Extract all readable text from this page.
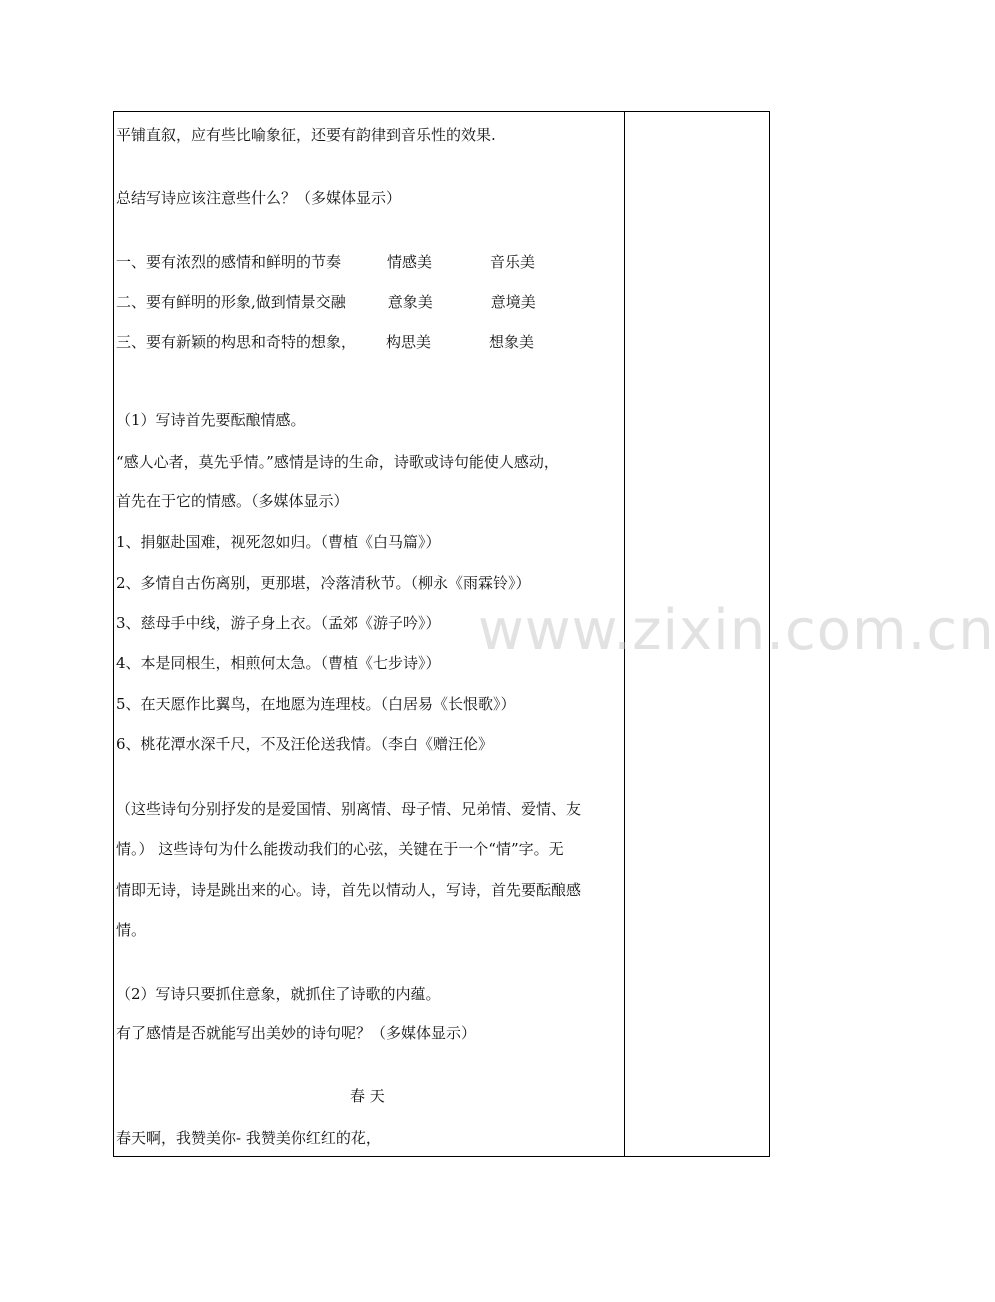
平铺直叙，应有些比喻象征，还要有韵律到音乐性的效果.
总结写诗应该注意些什么？（多媒体显示）
一、要有浓烈的感情和鲜明的节奏	情感美	音乐美
二、要有鲜明的形象,做到情景交融	意象美	意境美
三、要有新颖的构思和奇特的想象， 构思美	想象美
（1）写诗首先要酝酿情感。
“感人心者，莫先乎情。”感情是诗的生命，诗歌或诗句能使人感动，
首先在于它的情感。（多媒体显示）
1、捐躯赴国难，视死忽如归。（曹植《白马篇》）
2、多情自古伤离别，更那堪，冷落清秋节。（柳永《雨霖铃》）
3、慈母手中线，游子身上衣。（孟郊《游子吟》）
4、本是同根生，相煎何太急。（曹植《七步诗》）
5、在天愿作比翼鸟，在地愿为连理枝。（白居易《长恨歌》）
6、桃花潭水深千尺，不及汪伦送我情。（李白《赠汪伦》
（这些诗句分别抒发的是爱国情、别离情、母子情、兄弟情、爱情、友
情。） 这些诗句为什么能拨动我们的心弦，关键在于一个“情”字。无
情即无诗，诗是跳出来的心。诗，首先以情动人，写诗，首先要酝酿感
情。
（2）写诗只要抓住意象，就抓住了诗歌的内蕴。
有了感情是否就能写出美妙的诗句呢？（多媒体显示）
春 天
春天啊，我赞美你- 我赞美你红红的花，
www.zixin.com.cn
